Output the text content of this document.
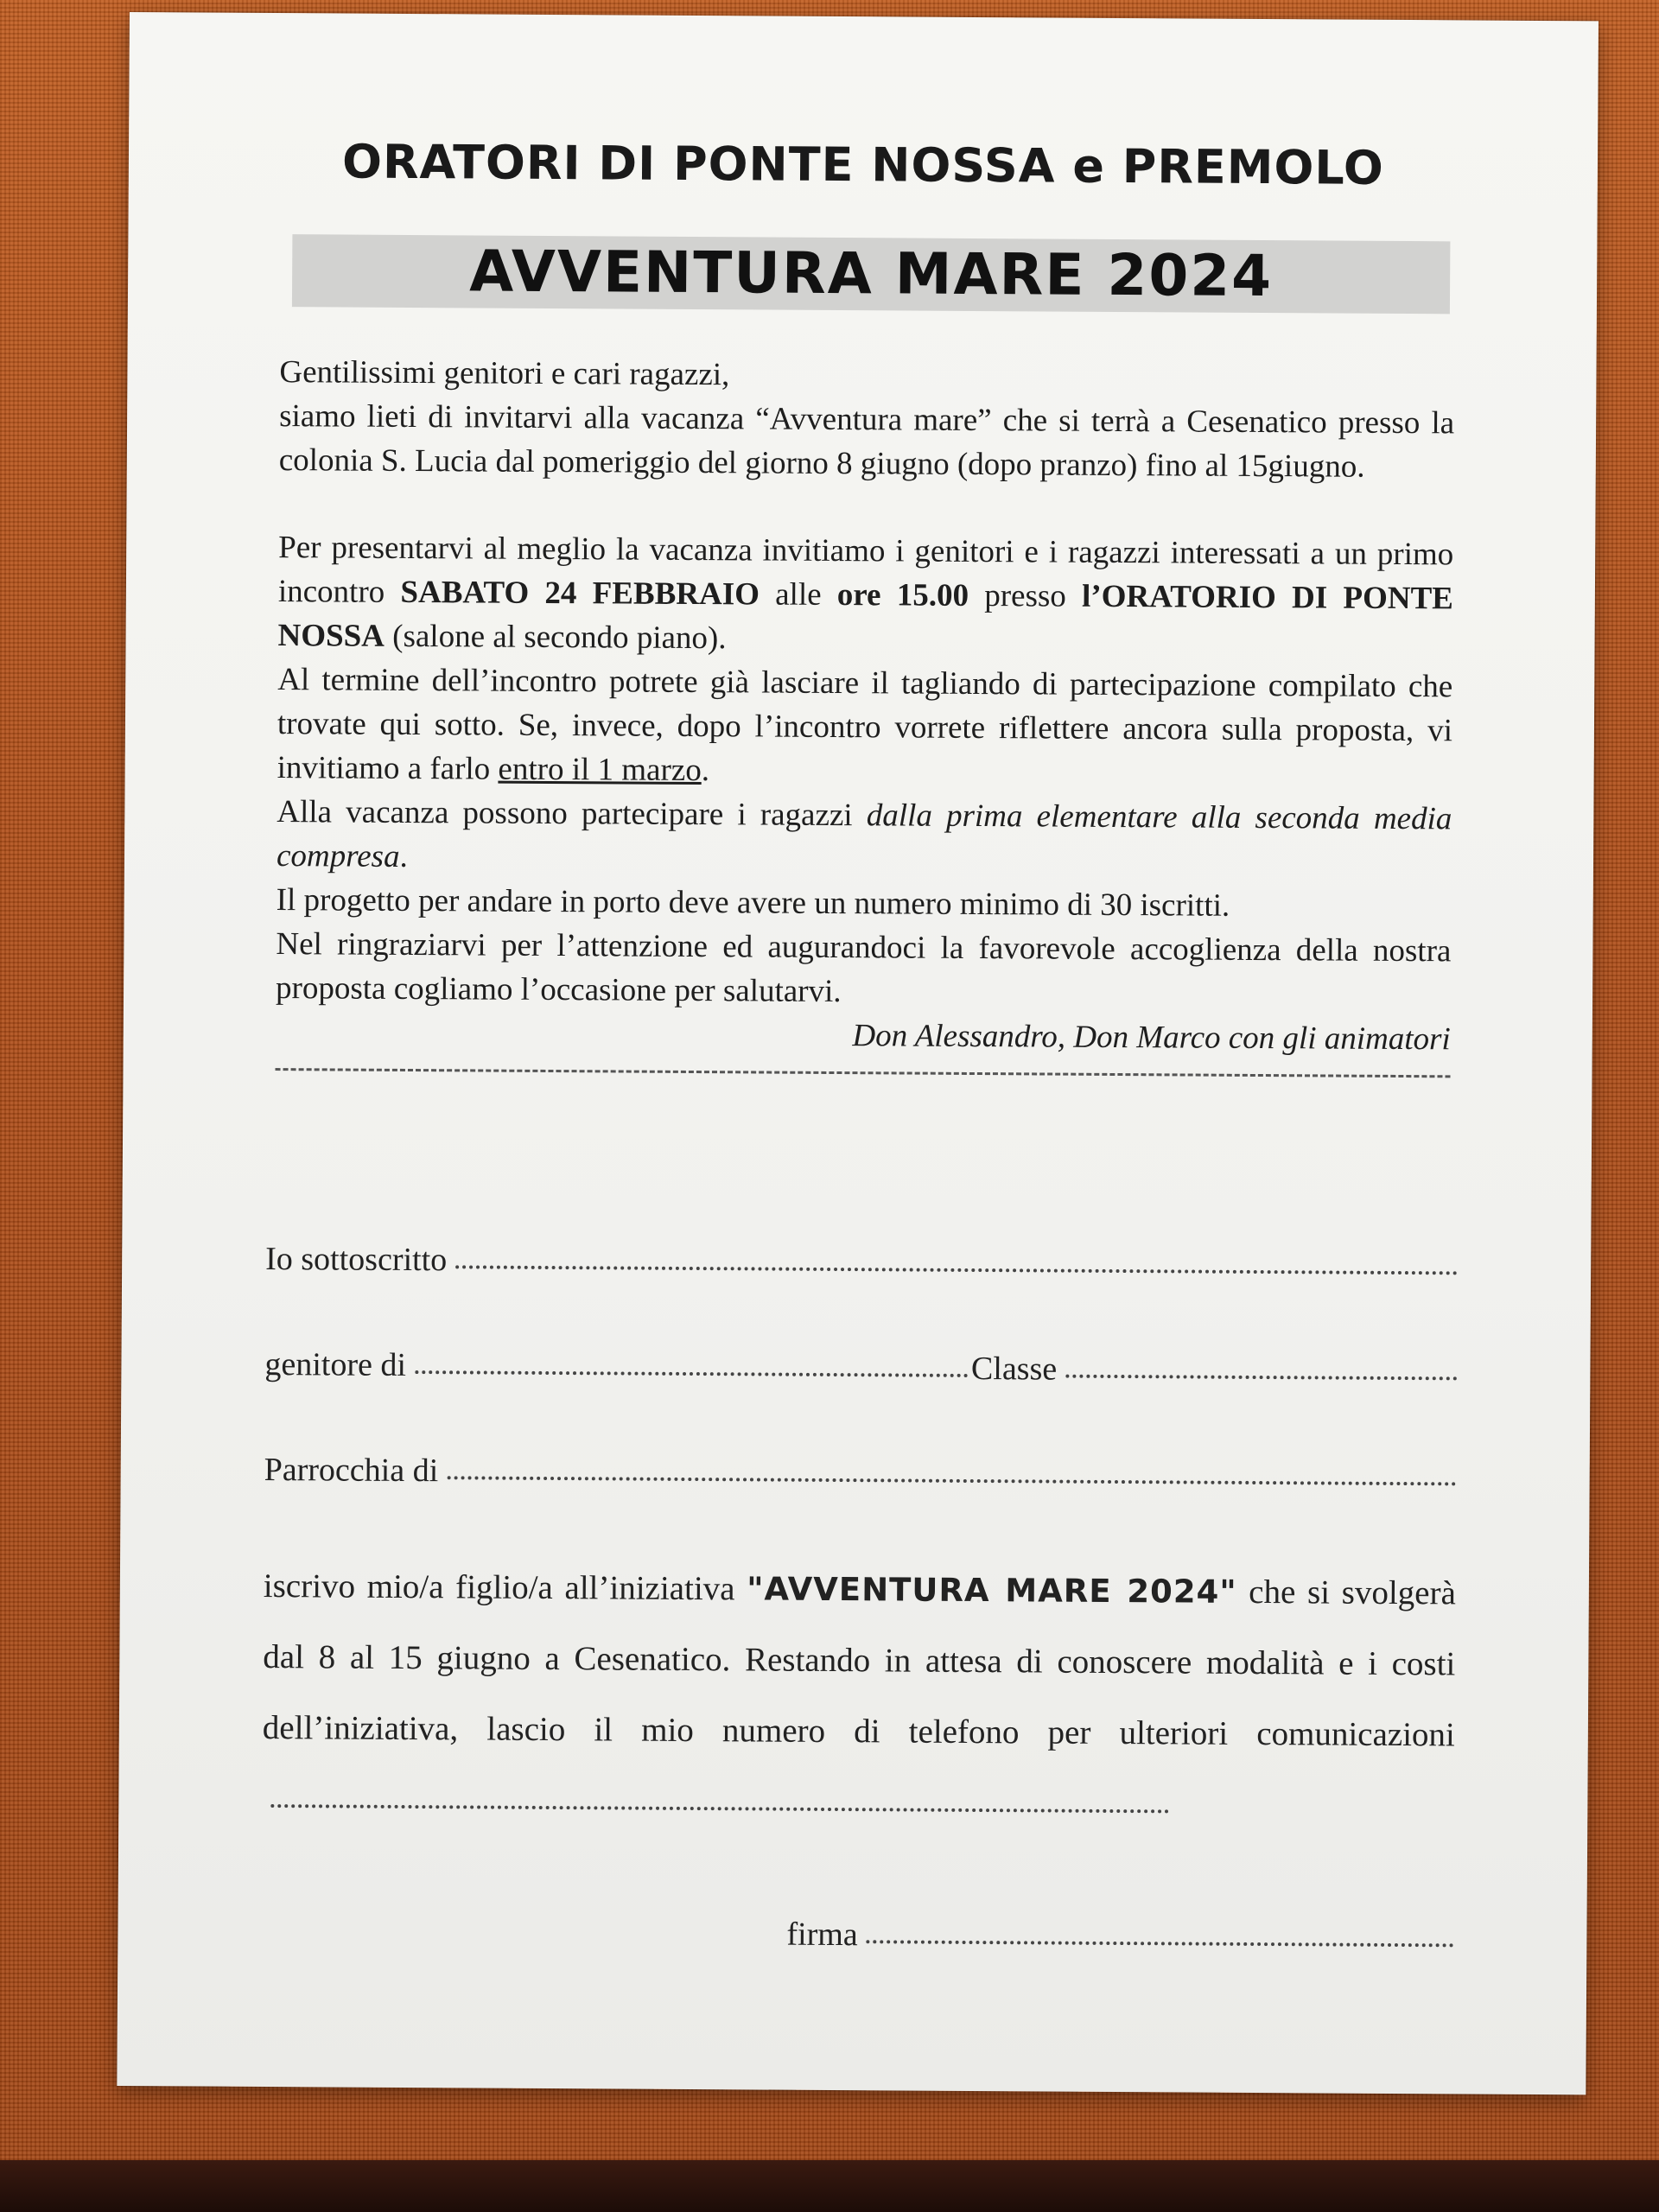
ORATORI DI PONTE NOSSA e PREMOLO
AVVENTURA MARE 2024

Gentilissimi genitori e cari ragazzi,

siamo lieti di invitarvi alla vacanza “Avventura mare” che si terrà a Cesenatico presso la colonia S. Lucia dal pomeriggio del giorno 8 giugno (dopo pranzo) fino al 15giugno.

Per presentarvi al meglio la vacanza invitiamo i genitori e i ragazzi interessati a un primo incontro SABATO 24 FEBBRAIO alle ore 15.00 presso l’ORATORIO DI PONTE NOSSA (salone al secondo piano).

Al termine dell’incontro potrete già lasciare il tagliando di partecipazione compilato che trovate qui sotto. Se, invece, dopo l’incontro vorrete riflettere ancora sulla proposta, vi invitiamo a farlo entro il 1 marzo.

Alla vacanza possono partecipare i ragazzi dalla prima elementare alla seconda media compresa.

Il progetto per andare in porto deve avere un numero minimo di 30 iscritti.

Nel ringraziarvi per l’attenzione ed augurandoci la favorevole accoglienza della nostra proposta cogliamo l’occasione per salutarvi.

Don Alessandro, Don Marco con gli animatori

Io sottoscritto
genitore di	Classe
Parrocchia di
iscrivo mio/a figlio/a all’iniziativa "AVVENTURA MARE 2024" che si svolgerà dal 8 al 15 giugno a Cesenatico. Restando in attesa di conoscere modalità e i costi dell’iniziativa, lascio il mio numero di telefono per ulteriori comunicazioni
firma
